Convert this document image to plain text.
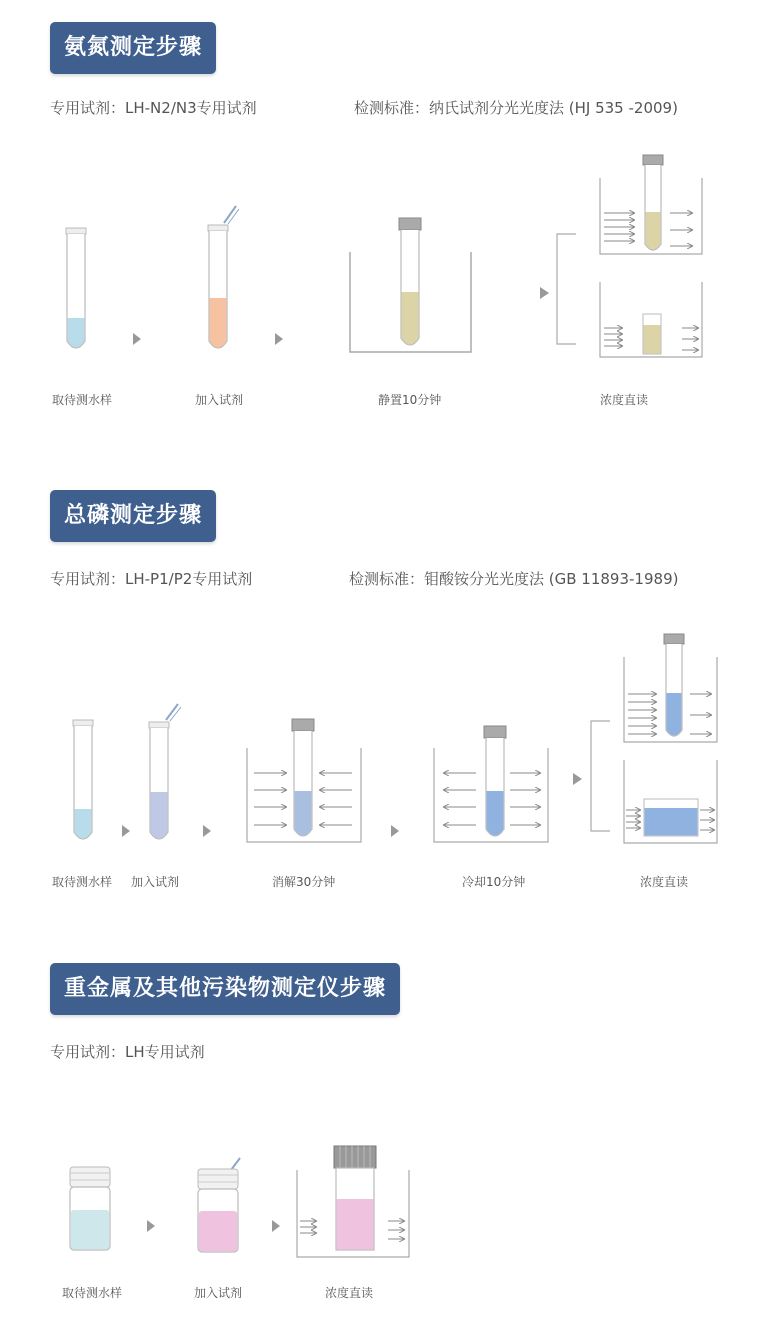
氨氮测定步骤
专用试剂：LH-N2/N3专用试剂	检测标准：纳氏试剂分光光度法 (HJ 535 -2009)
取待测水样	加入试剂	静置10分钟	浓度直读
总磷测定步骤
专用试剂：LH-P1/P2专用试剂	检测标准：钼酸铵分光光度法 (GB 11893-1989)
取待测水样 加入试剂	消解30分钟	冷却10分钟	浓度直读
重金属及其他污染物测定仪步骤
专用试剂：LH专用试剂
取待测水样	加入试剂	浓度直读
